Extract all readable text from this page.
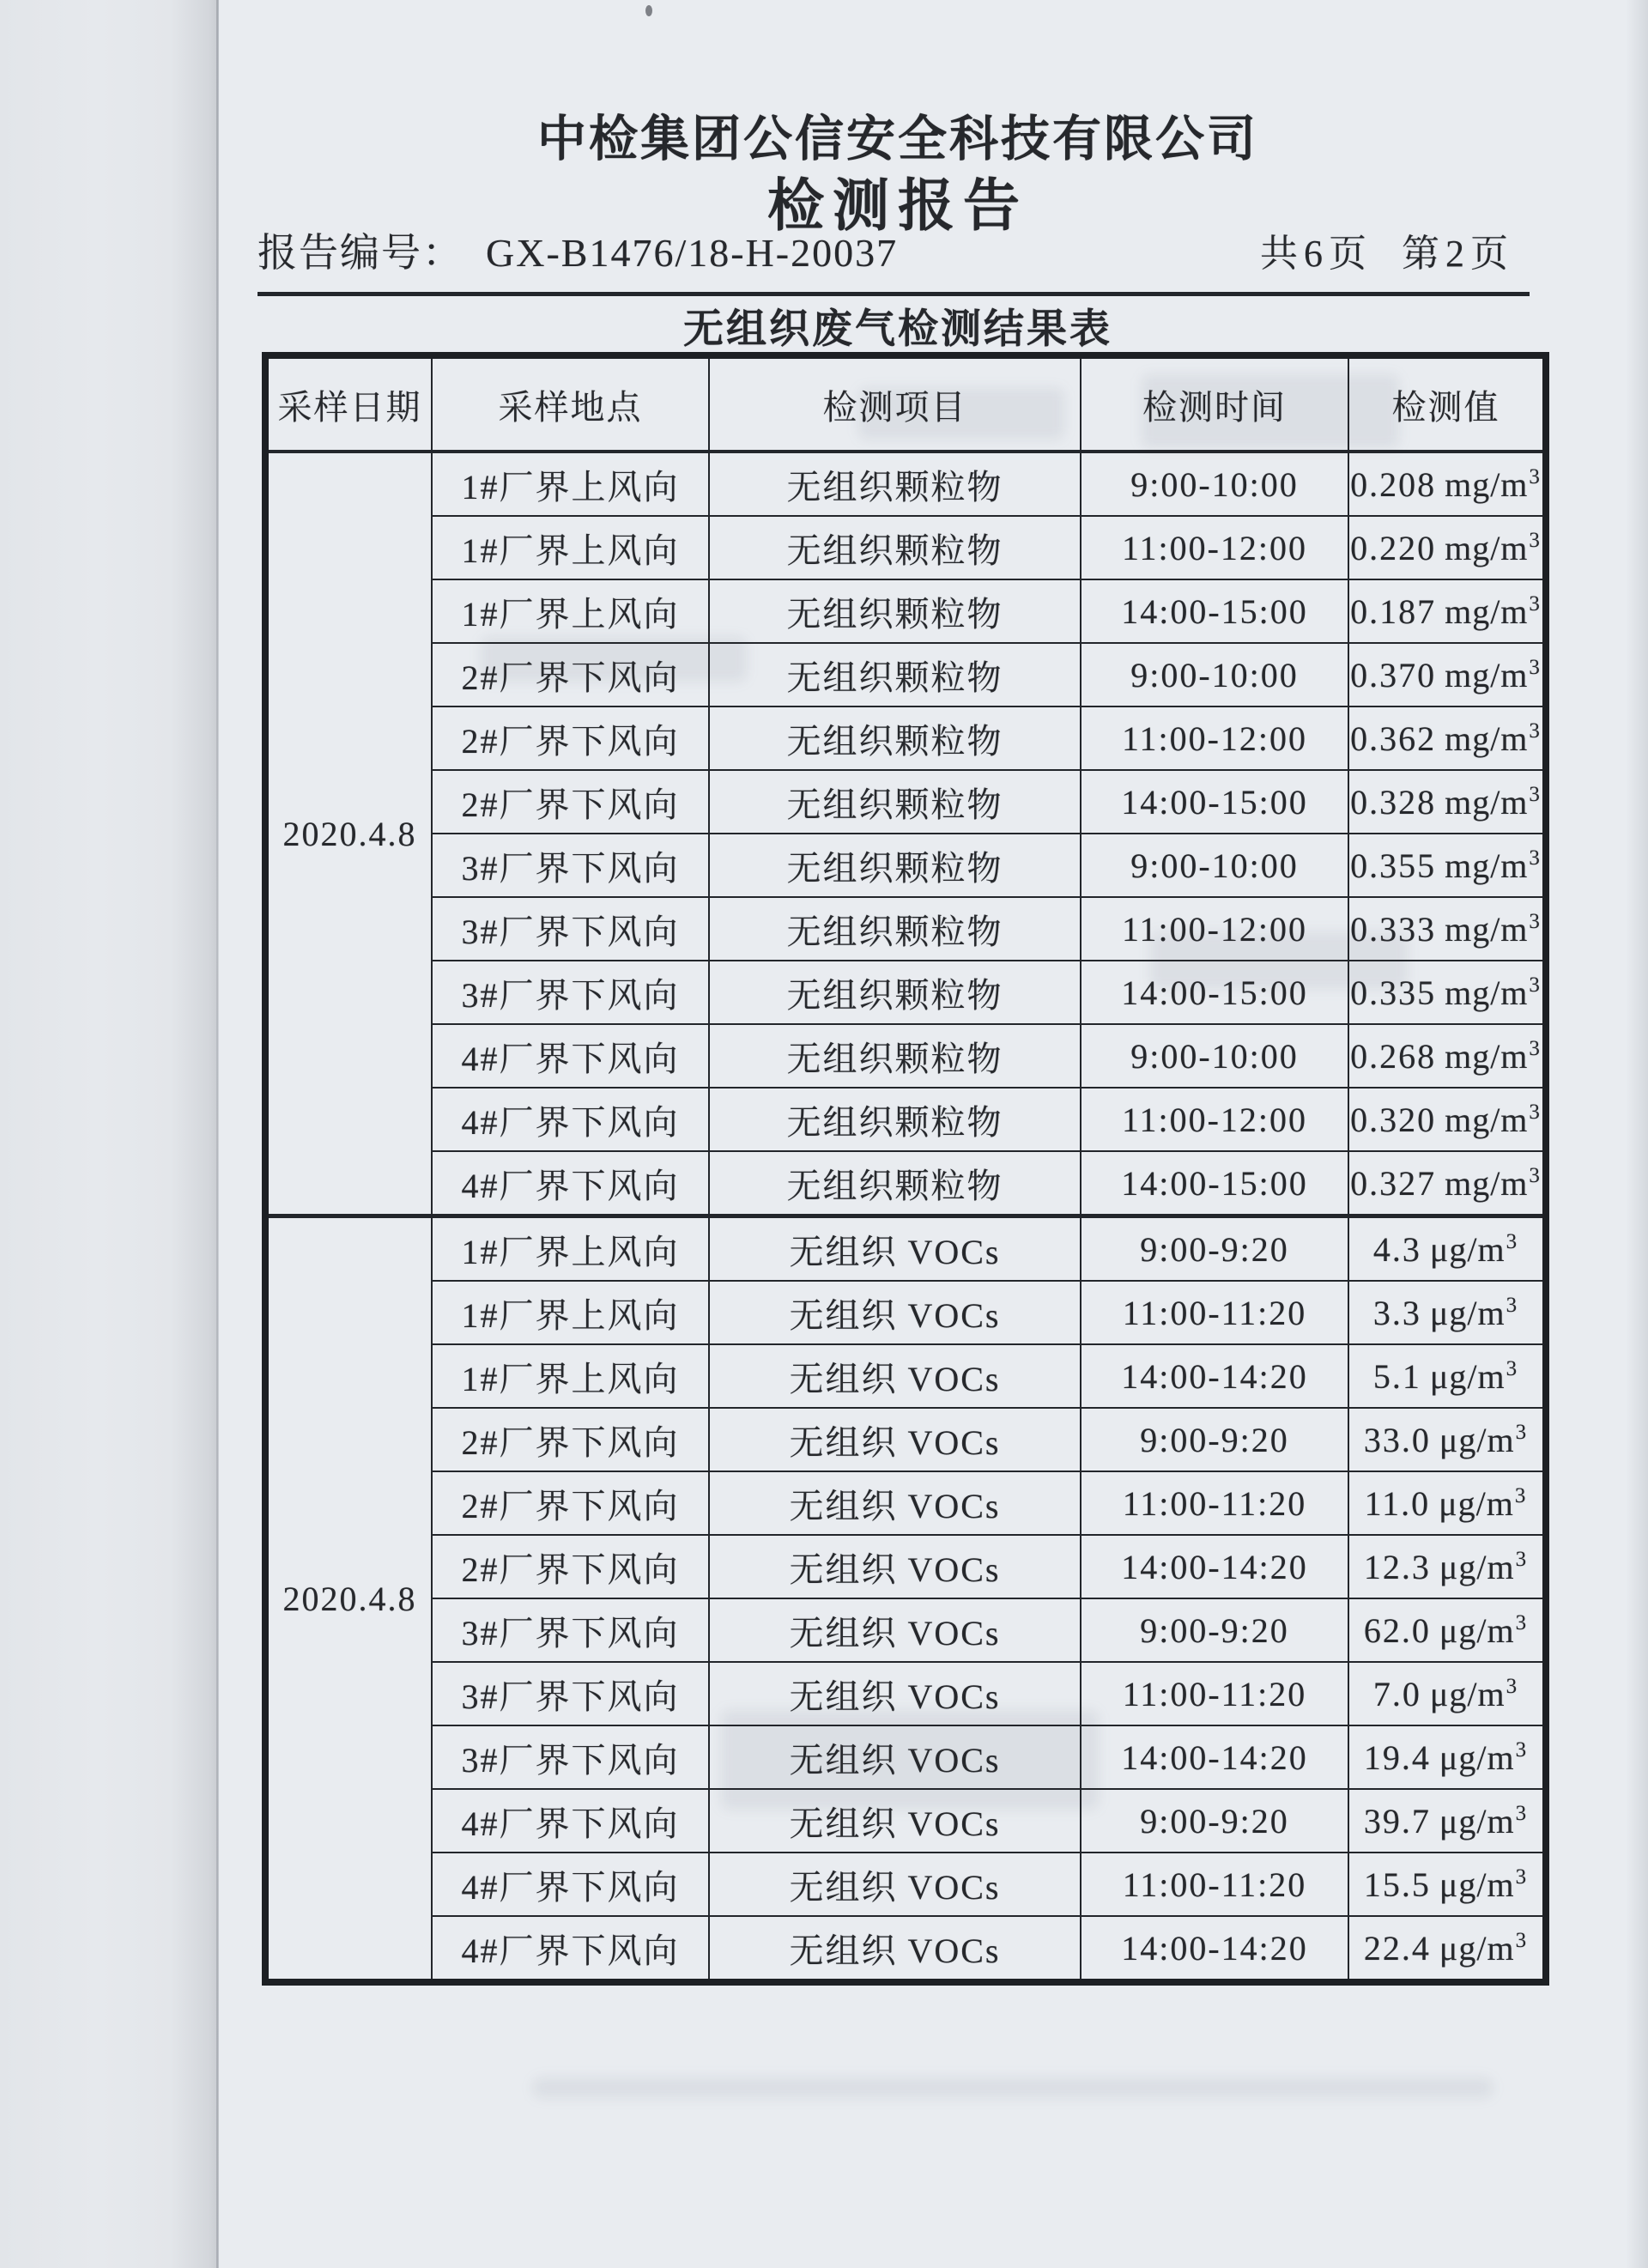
中检集团公信安全科技有限公司
检测报告
报告编号： GX-B1476/18-H-20037	共6页 第2页
无组织废气检测结果表
采样日期	采样地点	检测项目	检测时间	检测值
2020.4.8	1#厂界上风向	无组织颗粒物	9:00-10:00	0.208 $mg/m^3$
	1#厂界上风向	无组织颗粒物	11:00-12:00	0.220 $mg/m^3$
	1#厂界上风向	无组织颗粒物	14:00-15:00	0.187 $mg/m^3$
	2#厂界下风向	无组织颗粒物	9:00-10:00	0.370 $mg/m^3$
	2#厂界下风向	无组织颗粒物	11:00-12:00	0.362 $mg/m^3$
	2#厂界下风向	无组织颗粒物	14:00-15:00	0.328 $mg/m^3$
	3#厂界下风向	无组织颗粒物	9:00-10:00	0.355 $mg/m^3$
	3#厂界下风向	无组织颗粒物	11:00-12:00	0.333 $mg/m^3$
	3#厂界下风向	无组织颗粒物	14:00-15:00	0.335 $mg/m^3$
	4#厂界下风向	无组织颗粒物	9:00-10:00	0.268 $mg/m^3$
	4#厂界下风向	无组织颗粒物	11:00-12:00	0.320 $mg/m^3$
	4#厂界下风向	无组织颗粒物	14:00-15:00	0.327 $mg/m^3$
2020.4.8	1#厂界上风向	无组织 VOCs	9:00-9:20	4.3 $\mu g/m^3$
	1#厂界上风向	无组织 VOCs	11:00-11:20	3.3 $\mu g/m^3$
	1#厂界上风向	无组织 VOCs	14:00-14:20	5.1 $\mu g/m^3$
	2#厂界下风向	无组织 VOCs	9:00-9:20	33.0 $\mu g/m^3$
	2#厂界下风向	无组织 VOCs	11:00-11:20	11.0 $\mu g/m^3$
	2#厂界下风向	无组织 VOCs	14:00-14:20	12.3 $\mu g/m^3$
	3#厂界下风向	无组织 VOCs	9:00-9:20	62.0 $\mu g/m^3$
	3#厂界下风向	无组织 VOCs	11:00-11:20	7.0 $\mu g/m^3$
	3#厂界下风向	无组织 VOCs	14:00-14:20	19.4 $\mu g/m^3$
	4#厂界下风向	无组织 VOCs	9:00-9:20	39.7 $\mu g/m^3$
	4#厂界下风向	无组织 VOCs	11:00-11:20	15.5 $\mu g/m^3$
	4#厂界下风向	无组织 VOCs	14:00-14:20	22.4 $\mu g/m^3$
